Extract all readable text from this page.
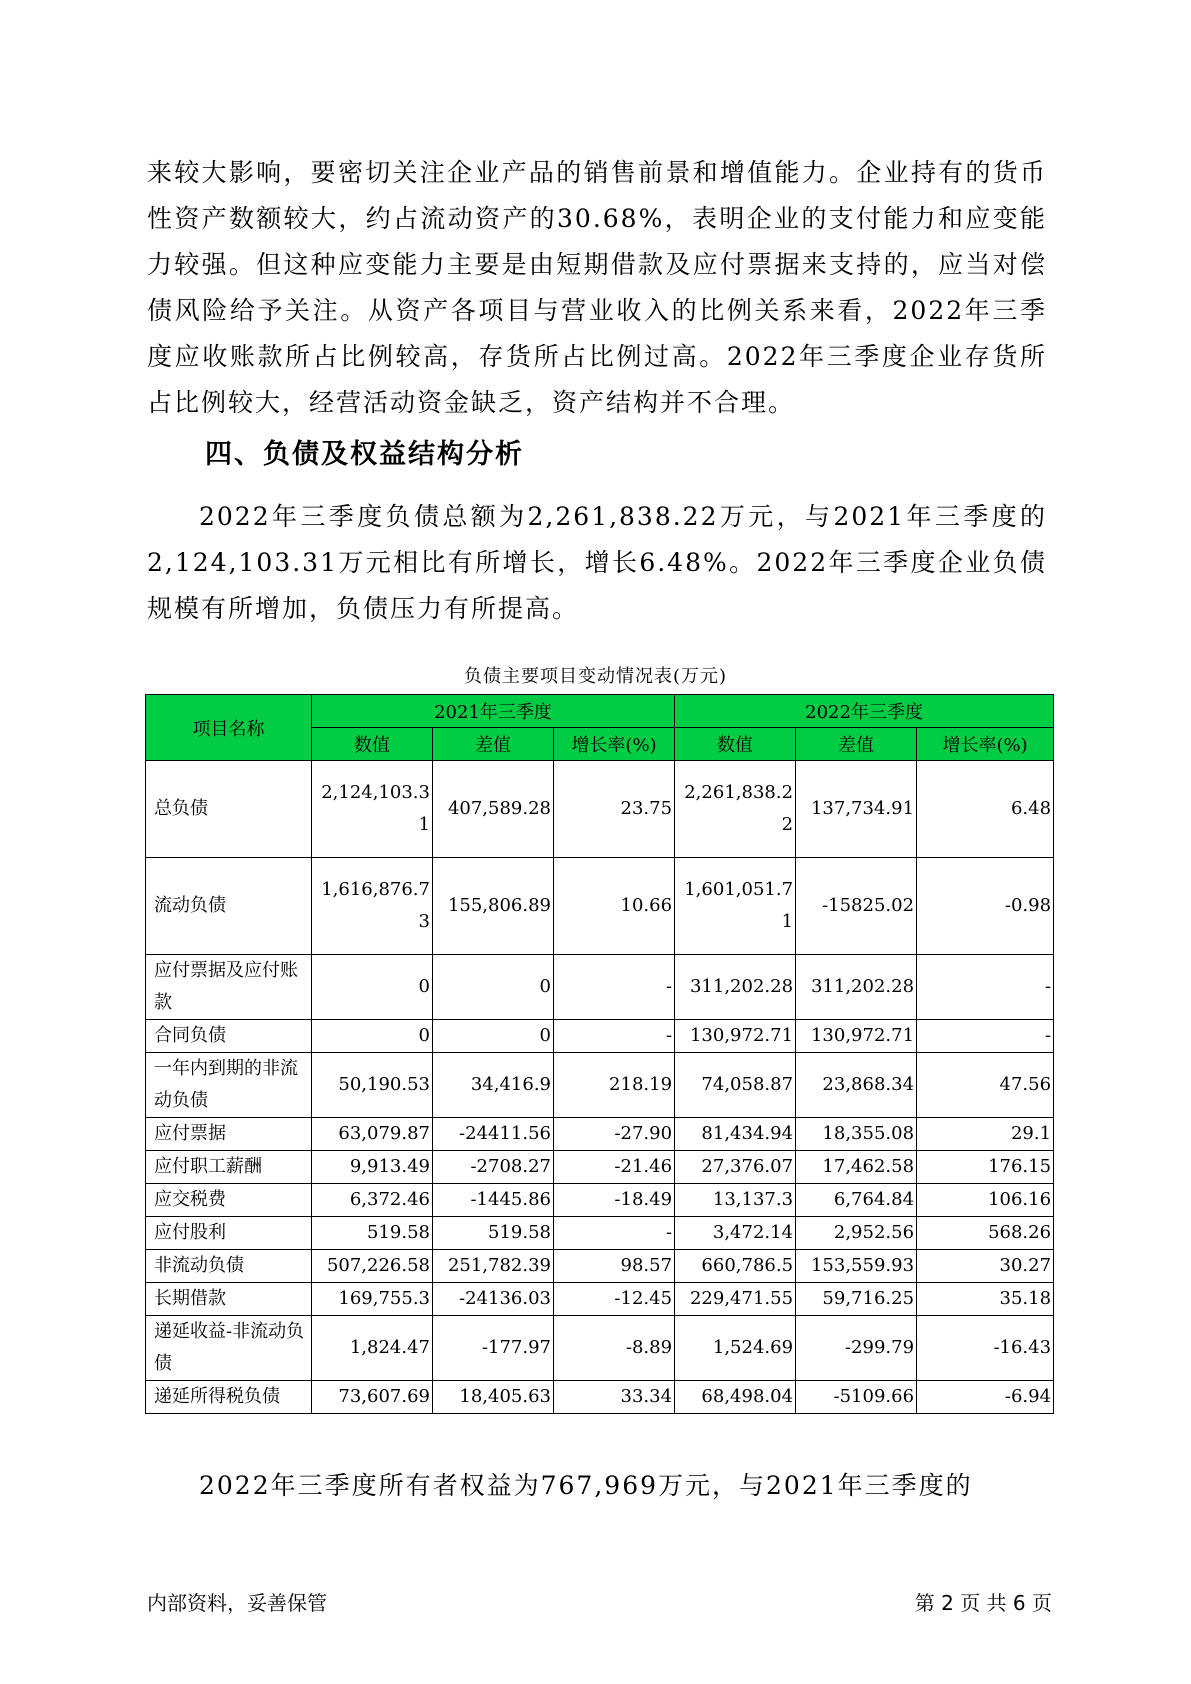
来较大影响，要密切关注企业产品的销售前景和增值能力。企业持有的货币性资产数额较大，约占流动资产的30.68%，表明企业的支付能力和应变能力较强。但这种应变能力主要是由短期借款及应付票据来支持的，应当对偿债风险给予关注。从资产各项目与营业收入的比例关系来看，2022年三季度应收账款所占比例较高，存货所占比例过高。2022年三季度企业存货所占比例较大，经营活动资金缺乏，资产结构并不合理。

四、负债及权益结构分析

2022年三季度负债总额为2,261,838.22万元，与2021年三季度的2,124,103.31万元相比有所增长，增长6.48%。2022年三季度企业负债规模有所增加，负债压力有所提高。

负债主要项目变动情况表(万元)
项目名称	2021年三季度			2022年三季度		
	数值	差值	增长率(%)	数值	差值	增长率(%)
总负债	2,124,103.31	407,589.28	23.75	2,261,838.22	137,734.91	6.48
流动负债	1,616,876.73	155,806.89	10.66	1,601,051.71	-15825.02	-0.98
应付票据及应付账款	0	0	-	311,202.28	311,202.28	-
合同负债	0	0	-	130,972.71	130,972.71	-
一年内到期的非流动负债	50,190.53	34,416.9	218.19	74,058.87	23,868.34	47.56
应付票据	63,079.87	-24411.56	-27.90	81,434.94	18,355.08	29.1
应付职工薪酬	9,913.49	-2708.27	-21.46	27,376.07	17,462.58	176.15
应交税费	6,372.46	-1445.86	-18.49	13,137.3	6,764.84	106.16
应付股利	519.58	519.58	-	3,472.14	2,952.56	568.26
非流动负债	507,226.58	251,782.39	98.57	660,786.5	153,559.93	30.27
长期借款	169,755.3	-24136.03	-12.45	229,471.55	59,716.25	35.18
递延收益-非流动负债	1,824.47	-177.97	-8.89	1,524.69	-299.79	-16.43
递延所得税负债	73,607.69	18,405.63	33.34	68,498.04	-5109.66	-6.94

2022年三季度所有者权益为767,969万元，与2021年三季度的

内部资料，妥善保管	第 2 页 共 6 页
